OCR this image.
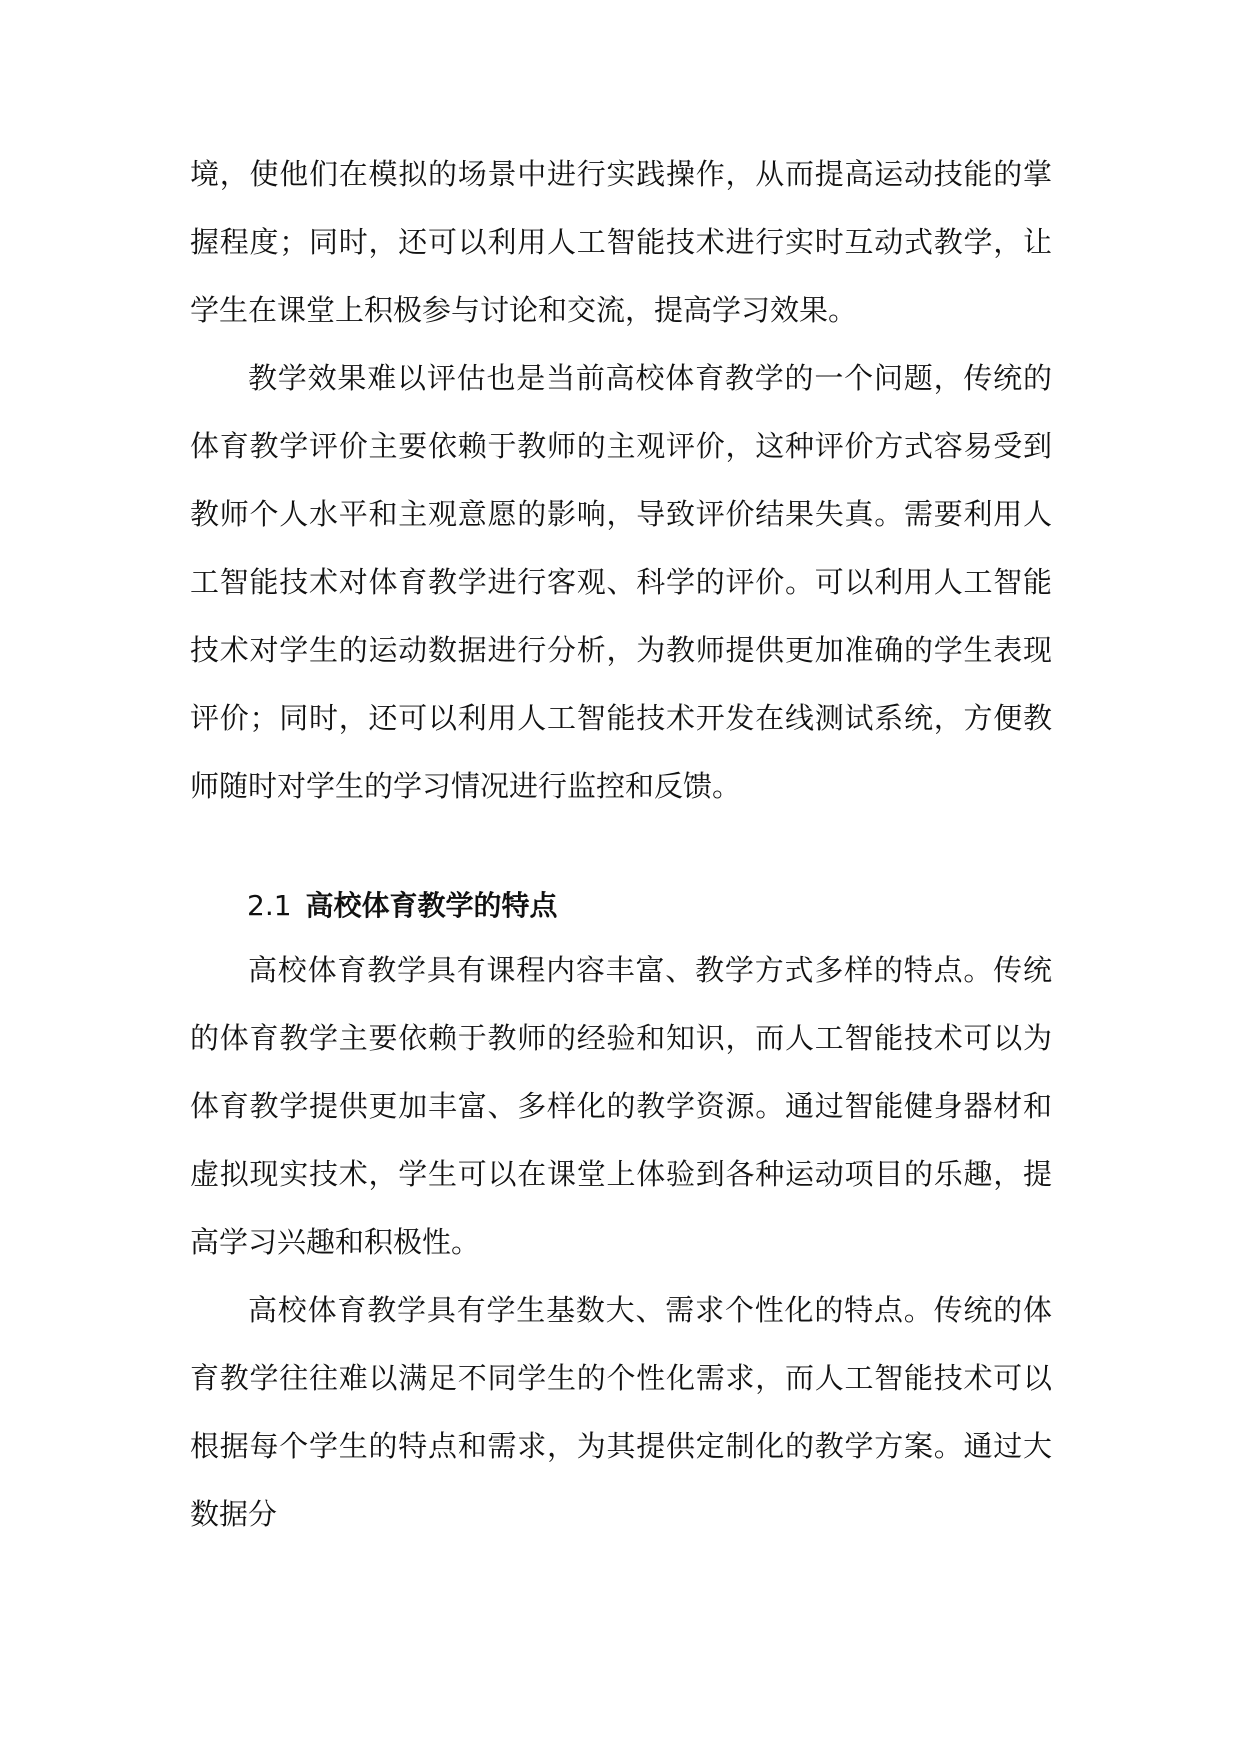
境，使他们在模拟的场景中进行实践操作，从而提高运动技能的掌握程度；同时，还可以利用人工智能技术进行实时互动式教学，让学生在课堂上积极参与讨论和交流，提高学习效果。

教学效果难以评估也是当前高校体育教学的一个问题，传统的体育教学评价主要依赖于教师的主观评价，这种评价方式容易受到教师个人水平和主观意愿的影响，导致评价结果失真。需要利用人工智能技术对体育教学进行客观、科学的评价。可以利用人工智能技术对学生的运动数据进行分析，为教师提供更加准确的学生表现评价；同时，还可以利用人工智能技术开发在线测试系统，方便教师随时对学生的学习情况进行监控和反馈。

2.1 高校体育教学的特点

高校体育教学具有课程内容丰富、教学方式多样的特点。传统的体育教学主要依赖于教师的经验和知识，而人工智能技术可以为体育教学提供更加丰富、多样化的教学资源。通过智能健身器材和虚拟现实技术，学生可以在课堂上体验到各种运动项目的乐趣，提高学习兴趣和积极性。

高校体育教学具有学生基数大、需求个性化的特点。传统的体育教学往往难以满足不同学生的个性化需求，而人工智能技术可以根据每个学生的特点和需求，为其提供定制化的教学方案。通过大数据分
